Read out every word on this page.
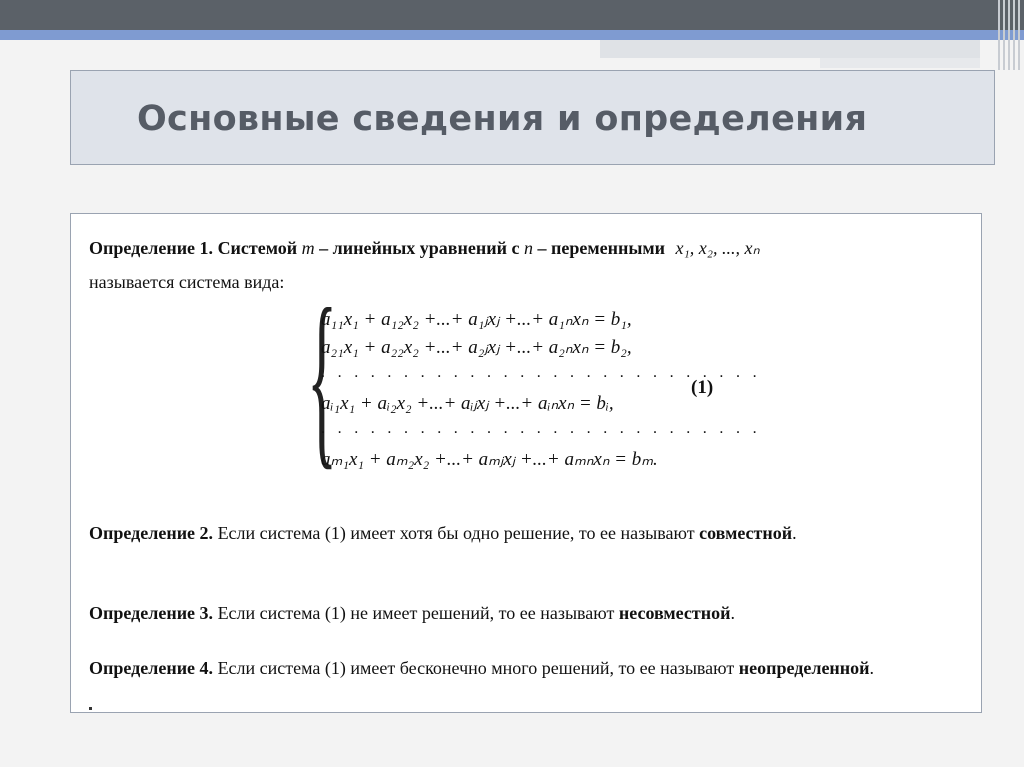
Основные сведения и определения
Определение 1. Системой m – линейных уравнений с n – переменными x₁, x₂, ..., xₙ
называется система вида: {
a₁₁x₁ + a₁₂x₂ +...+ a₁ⱼxⱼ +...+ a₁ₙxₙ = b₁,
a₂₁x₁ + a₂₂x₂ +...+ a₂ⱼxⱼ +...+ a₂ₙxₙ = b₂,
. . . . . . . . . . . . . . . . . . . . . . . . . . .
aᵢ₁x₁ + aᵢ₂x₂ +...+ aᵢⱼxⱼ +...+ aᵢₙxₙ = bᵢ,
. . . . . . . . . . . . . . . . . . . . . . . . . . .
aₘ₁x₁ + aₘ₂x₂ +...+ aₘⱼxⱼ +...+ aₘₙxₙ = bₘ.
(1)
Определение 2. Если система (1) имеет хотя бы одно решение, то ее называют совместной.
Определение 3. Если система (1) не имеет решений, то ее называют несовместной.
Определение 4. Если система (1) имеет бесконечно много решений, то ее называют неопределенной.
